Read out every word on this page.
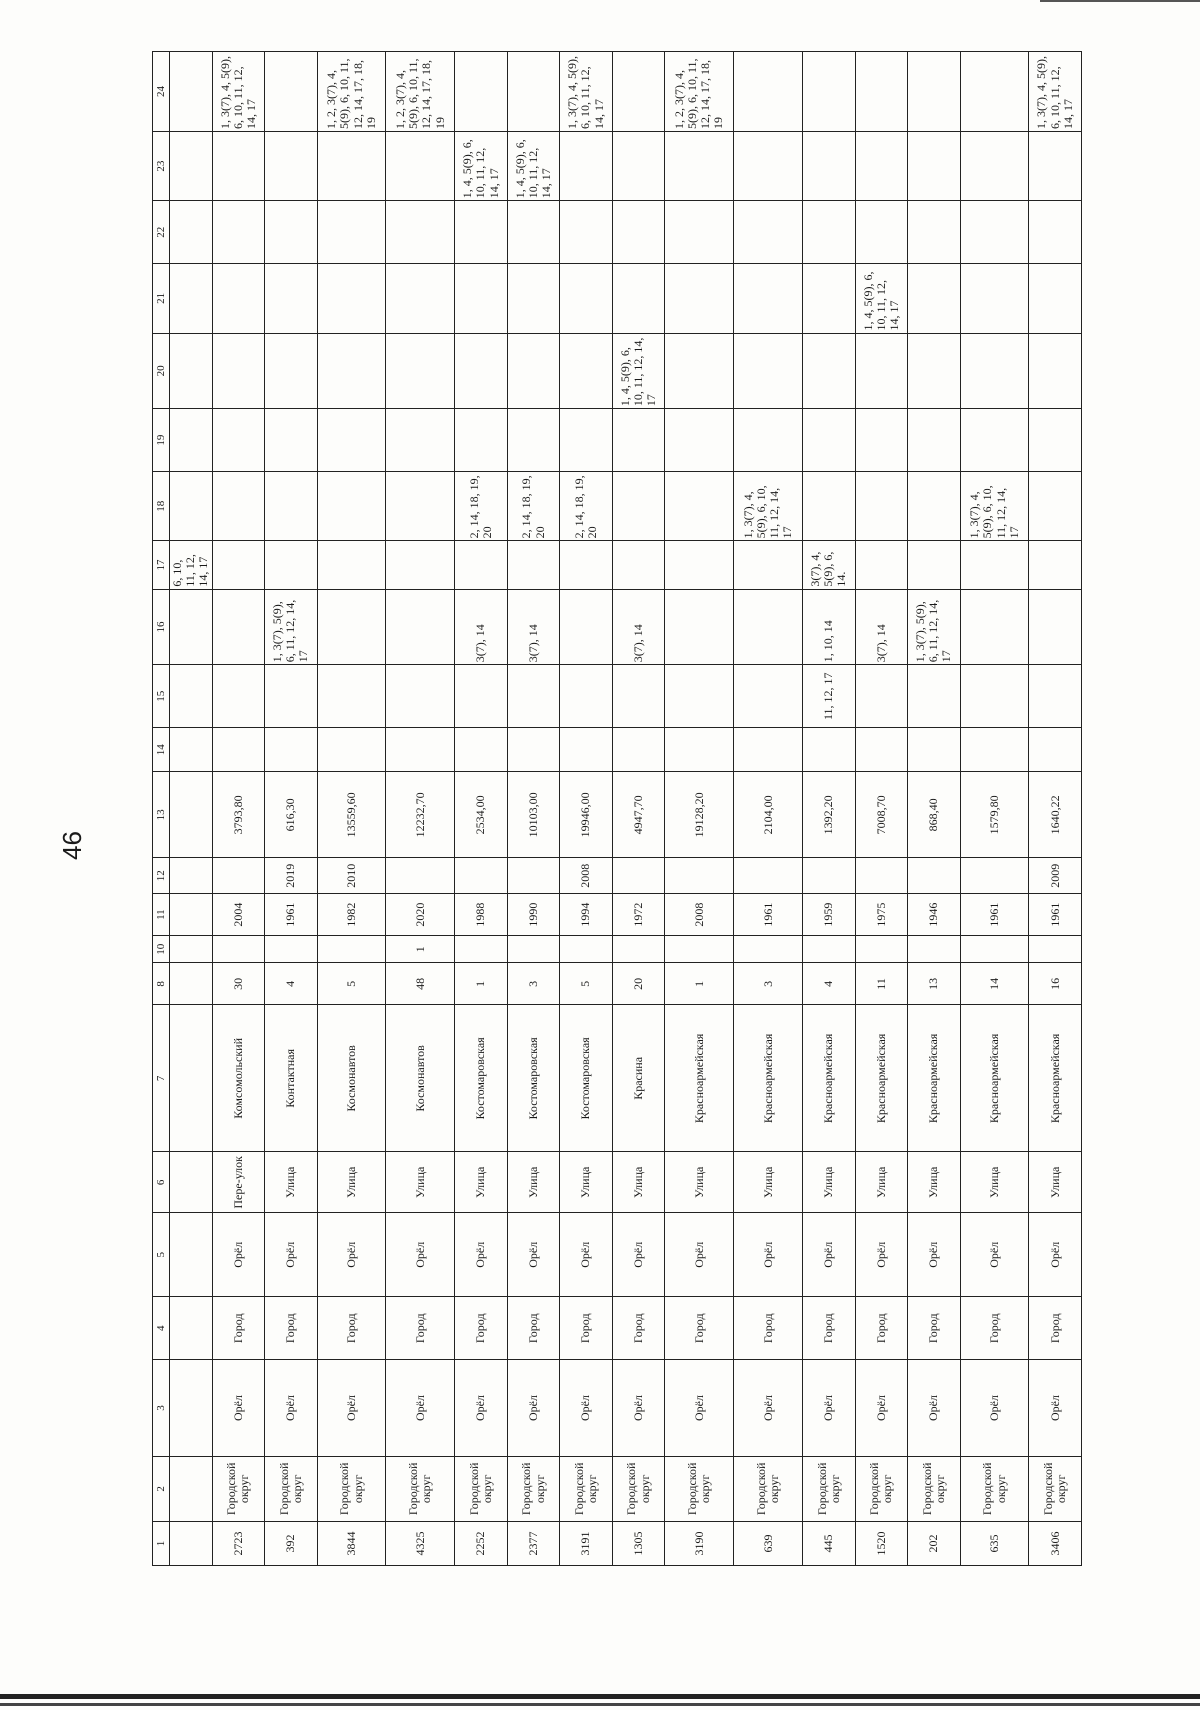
46
1	2	3	4	5	6	7	8	10	11	12	13	14	15	16	17	18	19	20	21	22	23	24
															6, 10, 11, 12, 14, 17							
2723	Городской округ	Орёл	Город	Орёл	Пере-улок	Комсомольский	30		2004		3793,80											1, 3(7), 4, 5(9), 6, 10, 11, 12, 14, 17
392	Городской округ	Орёл	Город	Орёл	Улица	Контактная	4		1961	2019	616,30			1, 3(7), 5(9), 6, 11, 12, 14, 17								
3844	Городской округ	Орёл	Город	Орёл	Улица	Космонавтов	5		1982	2010	13559,60											1, 2, 3(7), 4, 5(9), 6, 10, 11, 12, 14, 17, 18, 19
4325	Городской округ	Орёл	Город	Орёл	Улица	Космонавтов	48	1	2020		12232,70											1, 2, 3(7), 4, 5(9), 6, 10, 11, 12, 14, 17, 18, 19
2252	Городской округ	Орёл	Город	Орёл	Улица	Костомаровская	1		1988		2534,00			3(7), 14		2, 14, 18, 19, 20					1, 4, 5(9), 6, 10, 11, 12, 14, 17	
2377	Городской округ	Орёл	Город	Орёл	Улица	Костомаровская	3		1990		10103,00			3(7), 14		2, 14, 18, 19, 20					1, 4, 5(9), 6, 10, 11, 12, 14, 17	
3191	Городской округ	Орёл	Город	Орёл	Улица	Костомаровская	5		1994	2008	19946,00					2, 14, 18, 19, 20						1, 3(7), 4, 5(9), 6, 10, 11, 12, 14, 17
1305	Городской округ	Орёл	Город	Орёл	Улица	Красина	20		1972		4947,70			3(7), 14				1, 4, 5(9), 6, 10, 11, 12, 14, 17				
3190	Городской округ	Орёл	Город	Орёл	Улица	Красноармейская	1		2008		19128,20											1, 2, 3(7), 4, 5(9), 6, 10, 11, 12, 14, 17, 18, 19
639	Городской округ	Орёл	Город	Орёл	Улица	Красноармейская	3		1961		2104,00					1, 3(7), 4, 5(9), 6, 10, 11, 12, 14, 17						
445	Городской округ	Орёл	Город	Орёл	Улица	Красноармейская	4		1959		1392,20		11, 12, 17	1, 10, 14	3(7), 4, 5(9), 6, 14.							
1520	Городской округ	Орёл	Город	Орёл	Улица	Красноармейская	11		1975		7008,70			3(7), 14					1, 4, 5(9), 6, 10, 11, 12, 14, 17			
202	Городской округ	Орёл	Город	Орёл	Улица	Красноармейская	13		1946		868,40			1, 3(7), 5(9), 6, 11, 12, 14, 17								
635	Городской округ	Орёл	Город	Орёл	Улица	Красноармейская	14		1961		1579,80					1, 3(7), 4, 5(9), 6, 10, 11, 12, 14, 17						
3406	Городской округ	Орёл	Город	Орёл	Улица	Красноармейская	16		1961	2009	1640,22											1, 3(7), 4, 5(9), 6, 10, 11, 12, 14, 17
